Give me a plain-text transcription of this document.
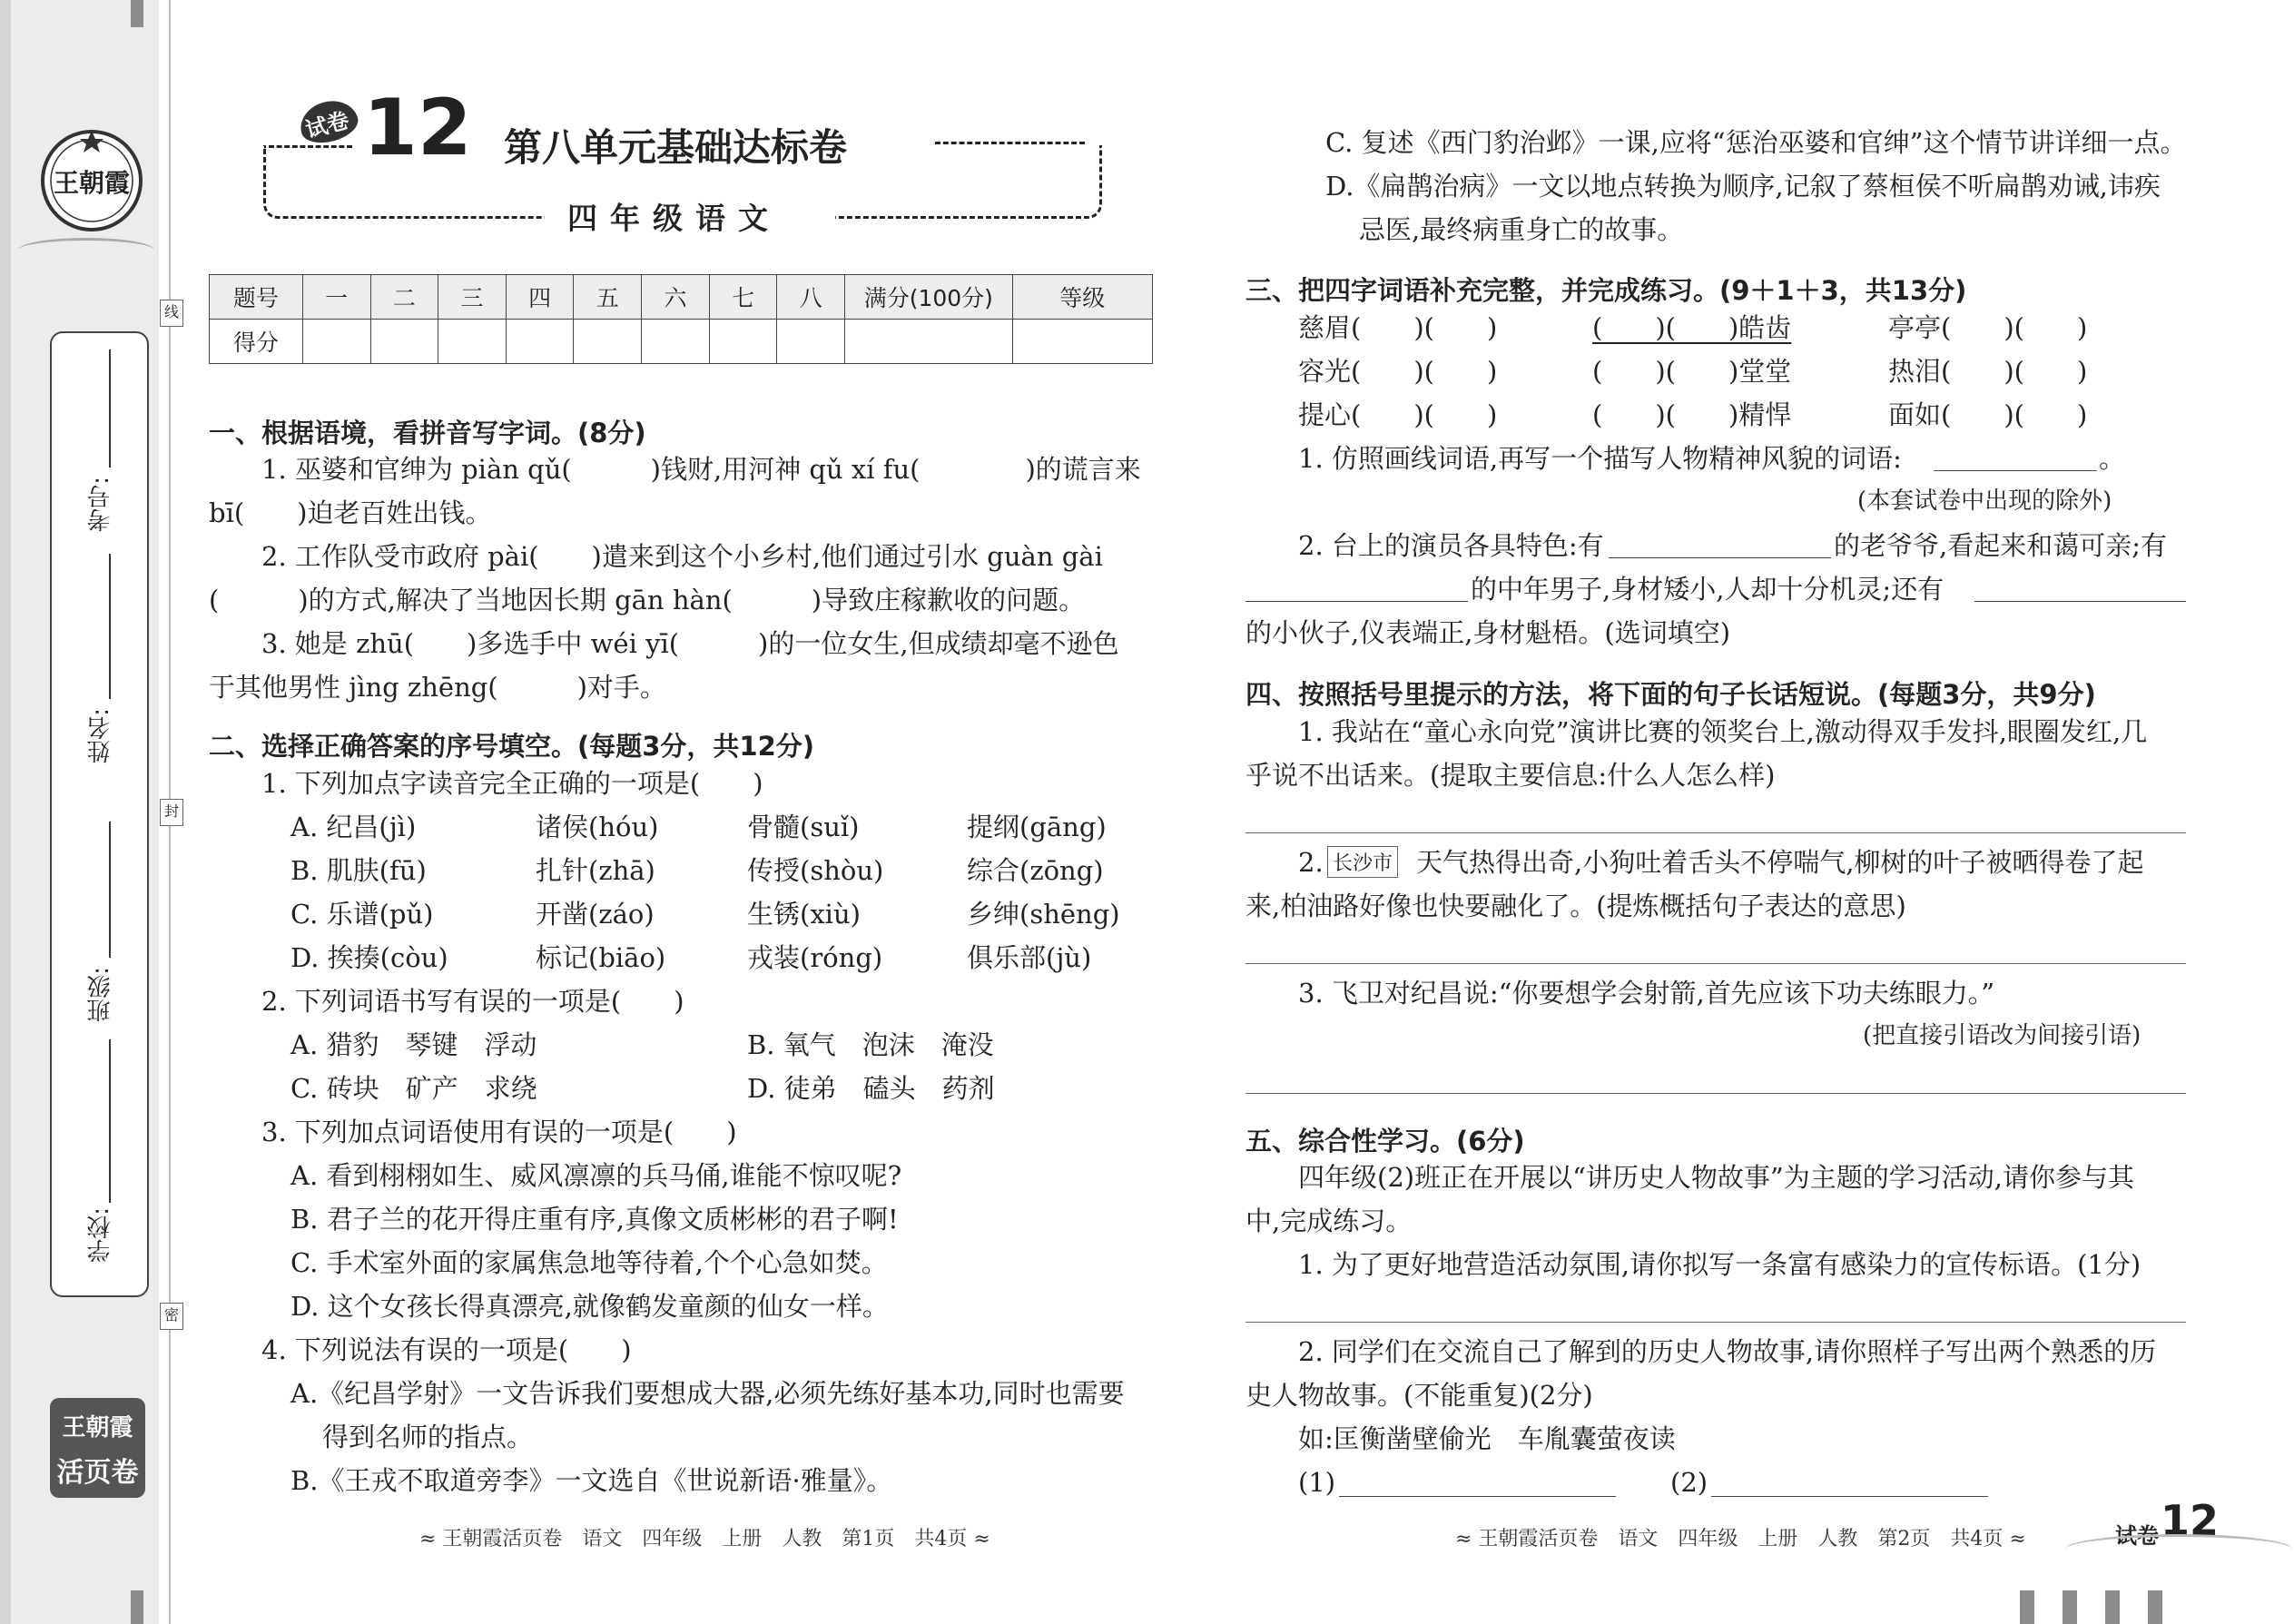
王朝霞
线
封
密
学校:
班级:
姓名:
考号:
王朝霞
活页卷
试卷 12 第八单元基础达标卷
四年级语文
题号	一	二	三	四	五	六	七	八	满分(100分)	等级
得分										
一、根据语境，看拼音写字词。(8分)
1. 巫婆和官绅为 piàn qǔ(　　　)钱财,用河神 qǔ xí fu(　　　　)的谎言来
bī(　　)迫老百姓出钱。
2. 工作队受市政府 pài(　　)遣来到这个小乡村,他们通过引水 guàn gài
(　　　)的方式,解决了当地因长期 gān hàn(　　　)导致庄稼歉收的问题。
3. 她是 zhū(　　)多选手中 wéi yī(　　　)的一位女生,但成绩却毫不逊色
于其他男性 jìng zhēng(　　　)对手。
二、选择正确答案的序号填空。(每题3分，共12分)
1. 下列加点字读音完全正确的一项是(　　)
A. 纪昌(jì)	诸侯(hóu)	骨髓(suǐ)	提纲(gāng)
B. 肌肤(fū)	扎针(zhā)	传授(shòu)	综合(zōng)
C. 乐谱(pǔ)	开凿(záo)	生锈(xiù)	乡绅(shēng)
D. 挨揍(còu)	标记(biāo)	戎装(róng)	俱乐部(jù)
2. 下列词语书写有误的一项是(　　)
A. 猎豹　琴键　浮动	B. 氧气　泡沫　淹没
C. 砖块　矿产　求绕	D. 徒弟　磕头　药剂
3. 下列加点词语使用有误的一项是(　　)
A. 看到栩栩如生、威风凛凛的兵马俑,谁能不惊叹呢?
B. 君子兰的花开得庄重有序,真像文质彬彬的君子啊!
C. 手术室外面的家属焦急地等待着,个个心急如焚。
D. 这个女孩长得真漂亮,就像鹤发童颜的仙女一样。
4. 下列说法有误的一项是(　　)
A.《纪昌学射》一文告诉我们要想成大器,必须先练好基本功,同时也需要
得到名师的指点。
B.《王戎不取道旁李》一文选自《世说新语·雅量》。
≈ 王朝霞活页卷　语文　四年级　上册　人教　第1页　共4页 ≈
C. 复述《西门豹治邺》一课,应将“惩治巫婆和官绅”这个情节讲详细一点。
D.《扁鹊治病》一文以地点转换为顺序,记叙了蔡桓侯不听扁鹊劝诫,讳疾
忌医,最终病重身亡的故事。
三、把四字词语补充完整，并完成练习。(9＋1＋3，共13分)
慈眉(　　)(　　)	(　　)(　　)皓齿	亭亭(　　)(　　)
容光(　　)(　　)	(　　)(　　)堂堂	热泪(　　)(　　)
提心(　　)(　　)	(　　)(　　)精悍	面如(　　)(　　)
1. 仿照画线词语,再写一个描写人物精神风貌的词语:	。
(本套试卷中出现的除外)
2. 台上的演员各具特色:有	的老爷爷,看起来和蔼可亲;有
的中年男子,身材矮小,人却十分机灵;还有
的小伙子,仪表端正,身材魁梧。(选词填空)
四、按照括号里提示的方法，将下面的句子长话短说。(每题3分，共9分)
1. 我站在“童心永向党”演讲比赛的领奖台上,激动得双手发抖,眼圈发红,几
乎说不出话来。(提取主要信息:什么人怎么样)
2. 长沙市 天气热得出奇,小狗吐着舌头不停喘气,柳树的叶子被晒得卷了起
来,柏油路好像也快要融化了。(提炼概括句子表达的意思)
3. 飞卫对纪昌说:“你要想学会射箭,首先应该下功夫练眼力。”
(把直接引语改为间接引语)
五、综合性学习。(6分)
四年级(2)班正在开展以“讲历史人物故事”为主题的学习活动,请你参与其
中,完成练习。
1. 为了更好地营造活动氛围,请你拟写一条富有感染力的宣传标语。(1分)
2. 同学们在交流自己了解到的历史人物故事,请你照样子写出两个熟悉的历
史人物故事。(不能重复)(2分)
如:匡衡凿壁偷光　车胤囊萤夜读
(1)	(2)
≈ 王朝霞活页卷　语文　四年级　上册　人教　第2页　共4页 ≈	试卷 12
